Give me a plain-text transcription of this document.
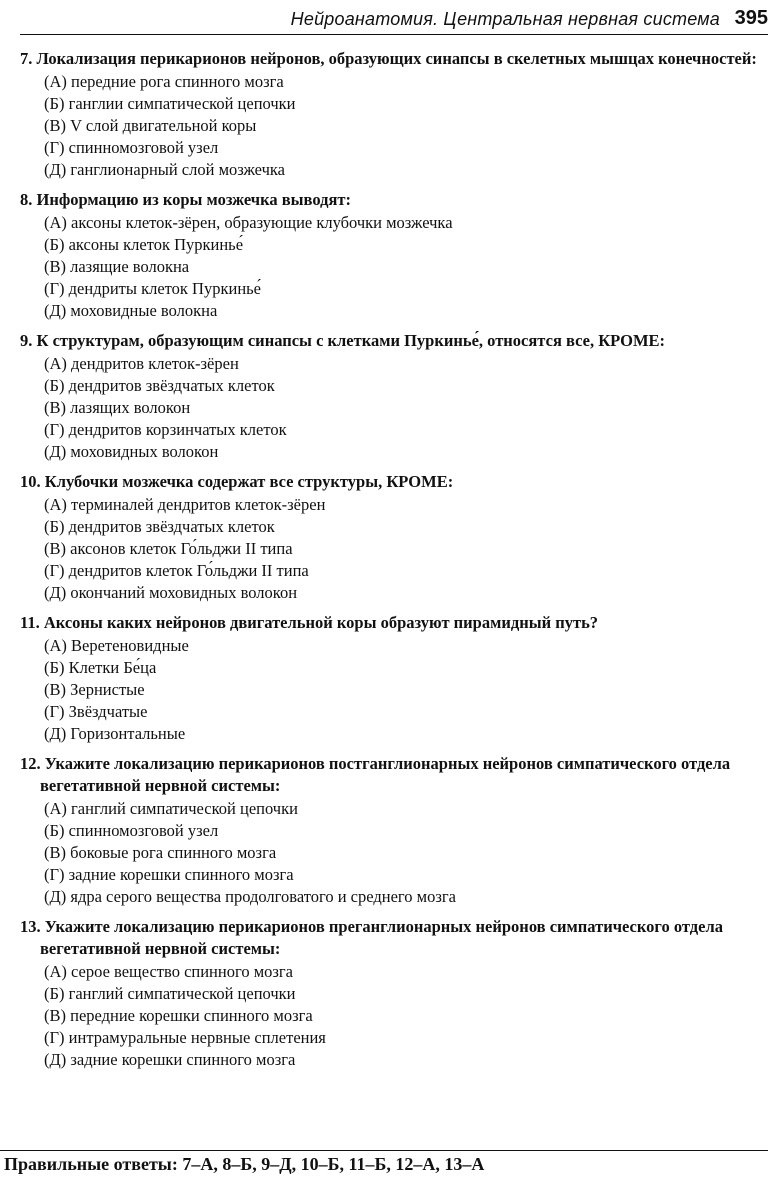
Нейроанатомия. Центральная нервная система 395
7. Локализация перикарионов нейронов, образующих синапсы в скелетных мышцах конечностей:
(А) передние рога спинного мозга
(Б) ганглии симпатической цепочки
(В) V слой двигательной коры
(Г) спинномозговой узел
(Д) ганглионарный слой мозжечка
8. Информацию из коры мозжечка выводят:
(А) аксоны клеток-зёрен, образующие клубочки мозжечка
(Б) аксоны клеток Пуркинье́
(В) лазящие волокна
(Г) дендриты клеток Пуркинье́
(Д) моховидные волокна
9. К структурам, образующим синапсы с клетками Пуркинье́, относятся все, КРОМЕ:
(А) дендритов клеток-зёрен
(Б) дендритов звёздчатых клеток
(В) лазящих волокон
(Г) дендритов корзинчатых клеток
(Д) моховидных волокон
10. Клубочки мозжечка содержат все структуры, КРОМЕ:
(А) терминалей дендритов клеток-зёрен
(Б) дендритов звёздчатых клеток
(В) аксонов клеток Го́льджи II типа
(Г) дендритов клеток Го́льджи II типа
(Д) окончаний моховидных волокон
11. Аксоны каких нейронов двигательной коры образуют пирамидный путь?
(А) Веретеновидные
(Б) Клетки Бе́ца
(В) Зернистые
(Г) Звёздчатые
(Д) Горизонтальные
12. Укажите локализацию перикарионов постганглионарных нейронов симпатического отдела вегетативной нервной системы:
(А) ганглий симпатической цепочки
(Б) спинномозговой узел
(В) боковые рога спинного мозга
(Г) задние корешки спинного мозга
(Д) ядра серого вещества продолговатого и среднего мозга
13. Укажите локализацию перикарионов преганглионарных нейронов симпатического отдела вегетативной нервной системы:
(А) серое вещество спинного мозга
(Б) ганглий симпатической цепочки
(В) передние корешки спинного мозга
(Г) интрамуральные нервные сплетения
(Д) задние корешки спинного мозга
Правильные ответы: 7–А, 8–Б, 9–Д, 10–Б, 11–Б, 12–А, 13–А
